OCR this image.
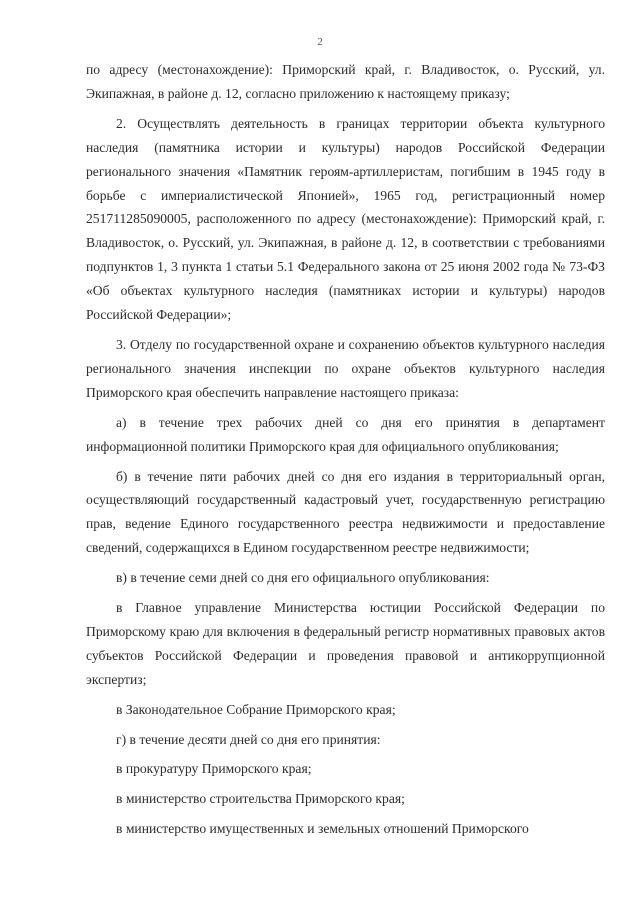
2

по адресу (местонахождение): Приморский край, г. Владивосток, о. Русский, ул. Экипажная, в районе д. 12, согласно приложению к настоящему приказу;

2. Осуществлять деятельность в границах территории объекта культурного наследия (памятника истории и культуры) народов Российской Федерации регионального значения «Памятник героям-артиллеристам, погибшим в 1945 году в борьбе с империалистической Японией», 1965 год, регистрационный номер 251711285090005, расположенного по адресу (местонахождение): Приморский край, г. Владивосток, о. Русский, ул. Экипажная, в районе д. 12, в соответствии с требованиями подпунктов 1, 3 пункта 1 статьи 5.1 Федерального закона от 25 июня 2002 года № 73-ФЗ «Об объектах культурного наследия (памятниках истории и культуры) народов Российской Федерации»;

3. Отделу по государственной охране и сохранению объектов культурного наследия регионального значения инспекции по охране объектов культурного наследия Приморского края обеспечить направление настоящего приказа:

а) в течение трех рабочих дней со дня его принятия в департамент информационной политики Приморского края для официального опубликования;

б) в течение пяти рабочих дней со дня его издания в территориальный орган, осуществляющий государственный кадастровый учет, государственную регистрацию прав, ведение Единого государственного реестра недвижимости и предоставление сведений, содержащихся в Едином государственном реестре недвижимости;

в) в течение семи дней со дня его официального опубликования:

в Главное управление Министерства юстиции Российской Федерации по Приморскому краю для включения в федеральный регистр нормативных правовых актов субъектов Российской Федерации и проведения правовой и антикоррупционной экспертиз;

в Законодательное Собрание Приморского края;

г) в течение десяти дней со дня его принятия:

в прокуратуру Приморского края;

в министерство строительства Приморского края;

в министерство имущественных и земельных отношений Приморского
